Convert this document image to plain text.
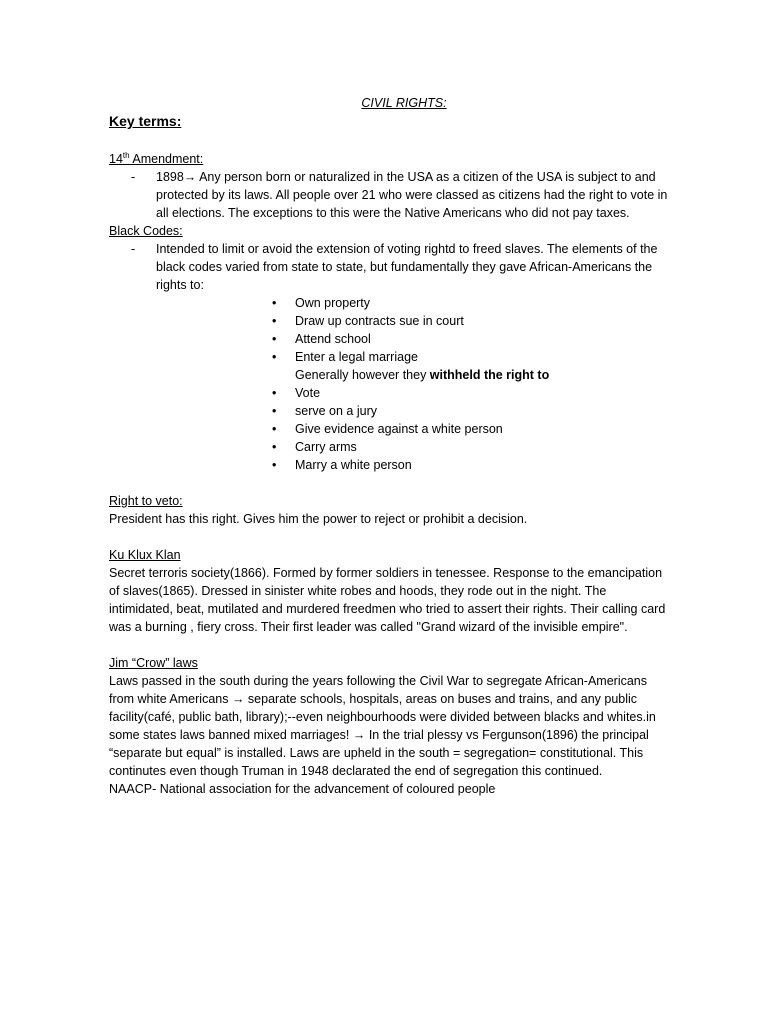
CIVIL RIGHTS:
Key terms:
14th Amendment:
-	1898→ Any person born or naturalized in the USA as a citizen of the USA is subject to and protected by its laws. All people over 21 who were classed as citizens had the right to vote in all elections. The exceptions to this were the Native Americans who did not pay taxes.
Black Codes:
-	Intended to limit or avoid the extension of voting rightd to freed slaves. The elements of the black codes varied from state to state, but fundamentally they gave African-Americans the rights to:
• Own property
• Draw up contracts sue in court
• Attend school
• Enter a legal marriage
Generally however they withheld the right to
• Vote
• serve on a jury
• Give evidence against a white person
• Carry arms
• Marry a white person
Right to veto:
President has this right. Gives him the power to reject or prohibit a decision.
Ku Klux Klan
Secret terroris society(1866). Formed by former soldiers in tenessee. Response to the emancipation of slaves(1865). Dressed in sinister white robes and hoods, they rode out in the night. The intimidated, beat, mutilated and murdered freedmen who tried to assert their rights. Their calling card was a burning , fiery cross. Their first leader was called "Grand wizard of the invisible empire".
Jim “Crow” laws
Laws passed in the south during the years following the Civil War to segregate African-Americans from white Americans → separate schools, hospitals, areas on buses and trains, and any public facility(café, public bath, library);--even neighbourhoods were divided between blacks and whites.in some states laws banned mixed marriages! → In the trial plessy vs Fergunson(1896) the principal “separate but equal” is installed. Laws are upheld in the south = segregation= constitutional. This continutes even though Truman in 1948 declarated the end of segregation this continued.
NAACP- National association for the advancement of coloured people
